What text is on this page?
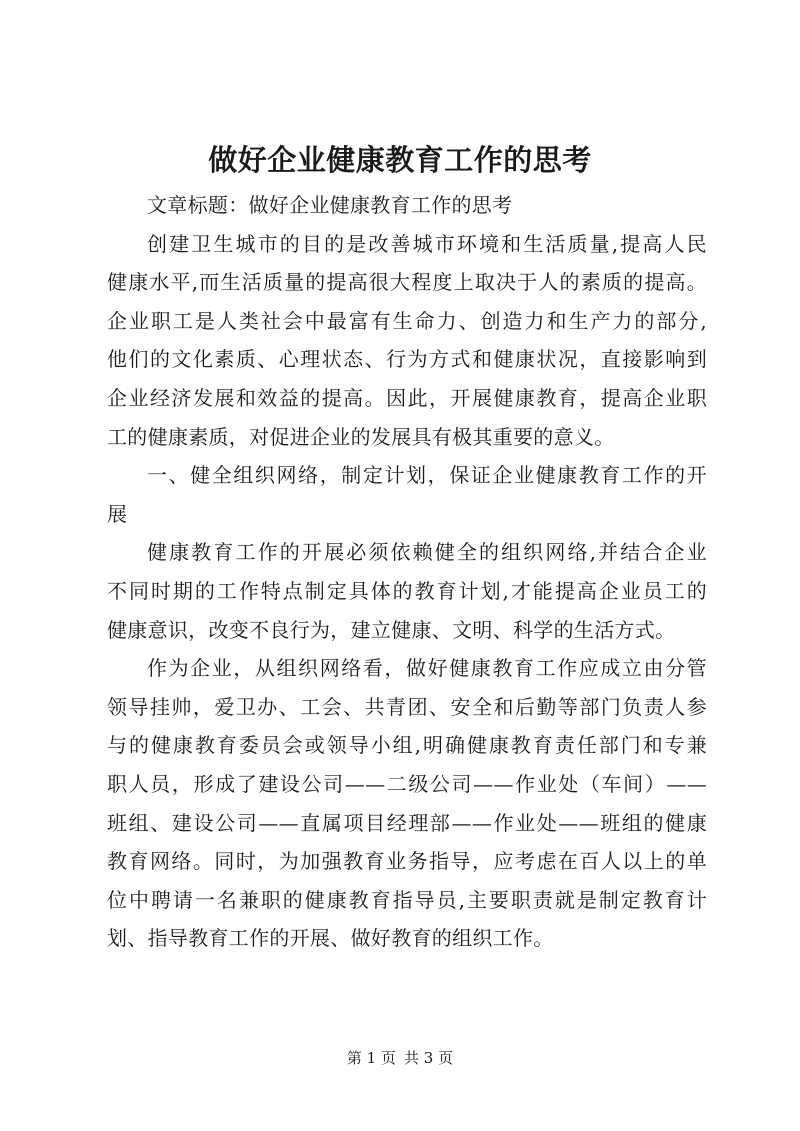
做好企业健康教育工作的思考
文章标题：做好企业健康教育工作的思考
创建卫生城市的目的是改善城市环境和生活质量,提高人民
健康水平,而生活质量的提高很大程度上取决于人的素质的提高。
企业职工是人类社会中最富有生命力、创造力和生产力的部分,
他们的文化素质、心理状态、行为方式和健康状况，直接影响到
企业经济发展和效益的提高。因此，开展健康教育，提高企业职
工的健康素质，对促进企业的发展具有极其重要的意义。
一、健全组织网络，制定计划，保证企业健康教育工作的开
展
健康教育工作的开展必须依赖健全的组织网络,并结合企业
不同时期的工作特点制定具体的教育计划,才能提高企业员工的
健康意识，改变不良行为，建立健康、文明、科学的生活方式。
作为企业，从组织网络看，做好健康教育工作应成立由分管
领导挂帅，爱卫办、工会、共青团、安全和后勤等部门负责人参
与的健康教育委员会或领导小组,明确健康教育责任部门和专兼
职人员，形成了建设公司——二级公司——作业处（车间）——
班组、建设公司——直属项目经理部——作业处——班组的健康
教育网络。同时，为加强教育业务指导，应考虑在百人以上的单
位中聘请一名兼职的健康教育指导员,主要职责就是制定教育计
划、指导教育工作的开展、做好教育的组织工作。
第 1 页 共 3 页
